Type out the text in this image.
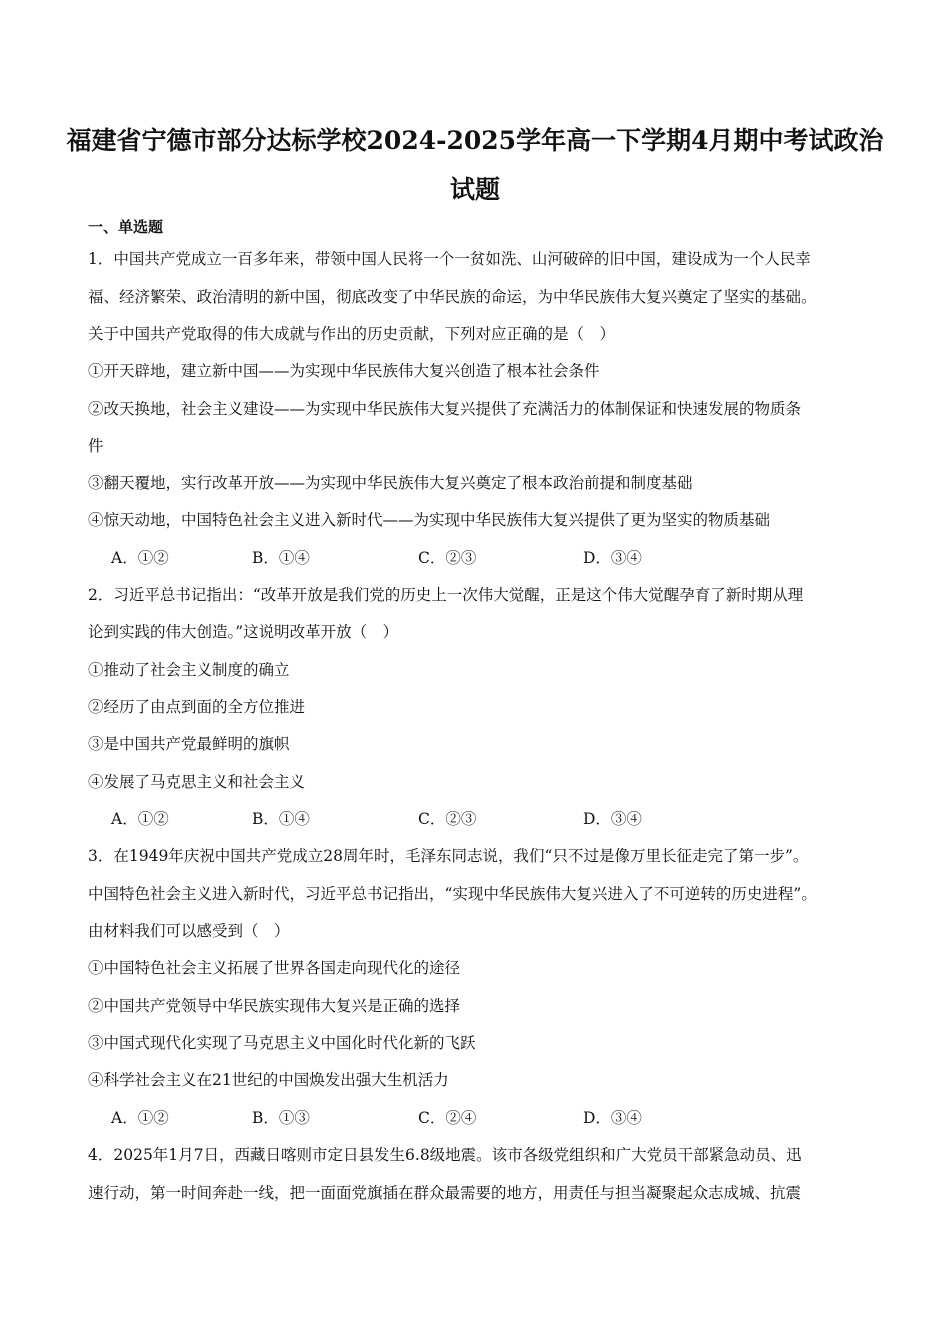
福建省宁德市部分达标学校2024-2025学年高一下学期4月期中考试政治
试题
一、单选题
1．中国共产党成立一百多年来，带领中国人民将一个一贫如洗、山河破碎的旧中国，建设成为一个人民幸
福、经济繁荣、政治清明的新中国，彻底改变了中华民族的命运，为中华民族伟大复兴奠定了坚实的基础。
关于中国共产党取得的伟大成就与作出的历史贡献，下列对应正确的是（　）
①开天辟地，建立新中国——为实现中华民族伟大复兴创造了根本社会条件
②改天换地，社会主义建设——为实现中华民族伟大复兴提供了充满活力的体制保证和快速发展的物质条
件
③翻天覆地，实行改革开放——为实现中华民族伟大复兴奠定了根本政治前提和制度基础
④惊天动地，中国特色社会主义进入新时代——为实现中华民族伟大复兴提供了更为坚实的物质基础
A．①②	B．①④	C．②③	D．③④
2．习近平总书记指出：“改革开放是我们党的历史上一次伟大觉醒，正是这个伟大觉醒孕育了新时期从理
论到实践的伟大创造。”这说明改革开放（　）
①推动了社会主义制度的确立
②经历了由点到面的全方位推进
③是中国共产党最鲜明的旗帜
④发展了马克思主义和社会主义
A．①②	B．①④	C．②③	D．③④
3．在1949年庆祝中国共产党成立28周年时，毛泽东同志说，我们“只不过是像万里长征走完了第一步”。
中国特色社会主义进入新时代，习近平总书记指出，“实现中华民族伟大复兴进入了不可逆转的历史进程”。
由材料我们可以感受到（　）
①中国特色社会主义拓展了世界各国走向现代化的途径
②中国共产党领导中华民族实现伟大复兴是正确的选择
③中国式现代化实现了马克思主义中国化时代化新的飞跃
④科学社会主义在21世纪的中国焕发出强大生机活力
A．①②	B．①③	C．②④	D．③④
4．2025年1月7日，西藏日喀则市定日县发生6.8级地震。该市各级党组织和广大党员干部紧急动员、迅
速行动，第一时间奔赴一线，把一面面党旗插在群众最需要的地方，用责任与担当凝聚起众志成城、抗震
